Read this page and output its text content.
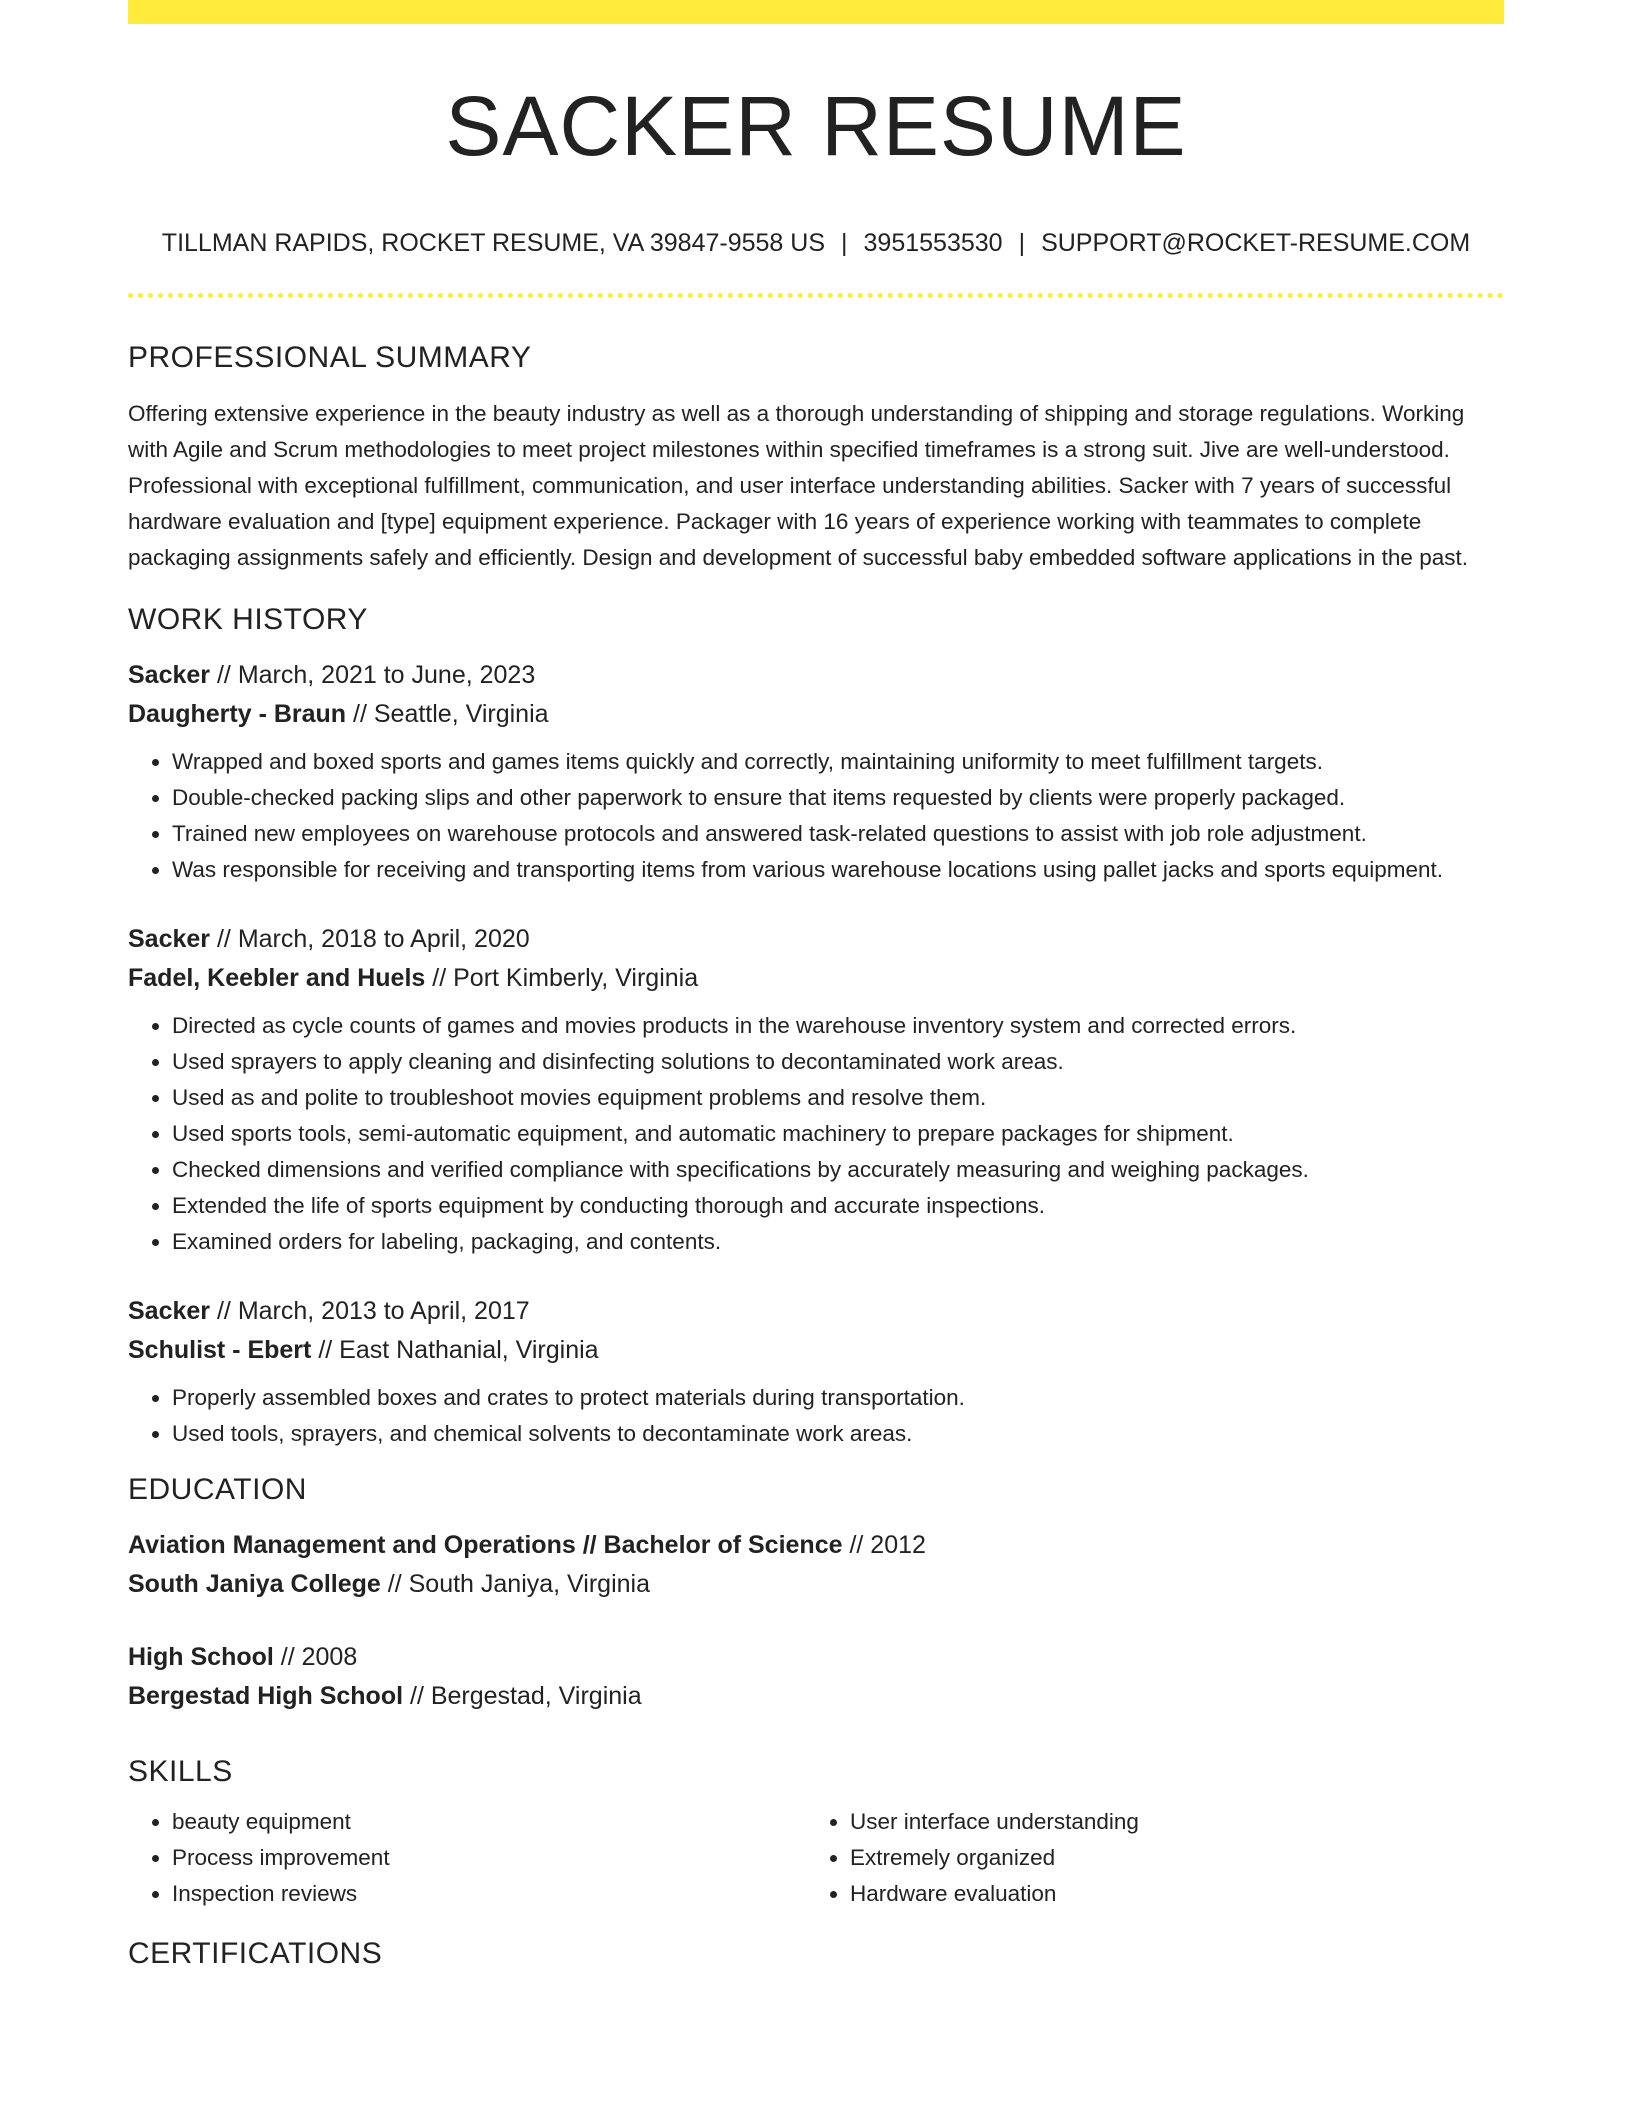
SACKER RESUME
TILLMAN RAPIDS, ROCKET RESUME, VA 39847-9558 US | 3951553530 | SUPPORT@ROCKET-RESUME.COM
PROFESSIONAL SUMMARY

Offering extensive experience in the beauty industry as well as a thorough understanding of shipping and storage regulations. Working with Agile and Scrum methodologies to meet project milestones within specified timeframes is a strong suit. Jive are well-understood. Professional with exceptional fulfillment, communication, and user interface understanding abilities. Sacker with 7 years of successful hardware evaluation and [type] equipment experience. Packager with 16 years of experience working with teammates to complete packaging assignments safely and efficiently. Design and development of successful baby embedded software applications in the past.

WORK HISTORY
Sacker // March, 2021 to June, 2023
Daugherty - Braun // Seattle, Virginia
• Wrapped and boxed sports and games items quickly and correctly, maintaining uniformity to meet fulfillment targets.
• Double-checked packing slips and other paperwork to ensure that items requested by clients were properly packaged.
• Trained new employees on warehouse protocols and answered task-related questions to assist with job role adjustment.
• Was responsible for receiving and transporting items from various warehouse locations using pallet jacks and sports equipment.
Sacker // March, 2018 to April, 2020
Fadel, Keebler and Huels // Port Kimberly, Virginia
• Directed as cycle counts of games and movies products in the warehouse inventory system and corrected errors.
• Used sprayers to apply cleaning and disinfecting solutions to decontaminated work areas.
• Used as and polite to troubleshoot movies equipment problems and resolve them.
• Used sports tools, semi-automatic equipment, and automatic machinery to prepare packages for shipment.
• Checked dimensions and verified compliance with specifications by accurately measuring and weighing packages.
• Extended the life of sports equipment by conducting thorough and accurate inspections.
• Examined orders for labeling, packaging, and contents.
Sacker // March, 2013 to April, 2017
Schulist - Ebert // East Nathanial, Virginia
• Properly assembled boxes and crates to protect materials during transportation.
• Used tools, sprayers, and chemical solvents to decontaminate work areas.
EDUCATION
Aviation Management and Operations // Bachelor of Science // 2012
South Janiya College // South Janiya, Virginia
High School // 2008
Bergestad High School // Bergestad, Virginia
SKILLS
• beauty equipment
• Process improvement
• Inspection reviews
• User interface understanding
• Extremely organized
• Hardware evaluation
CERTIFICATIONS
